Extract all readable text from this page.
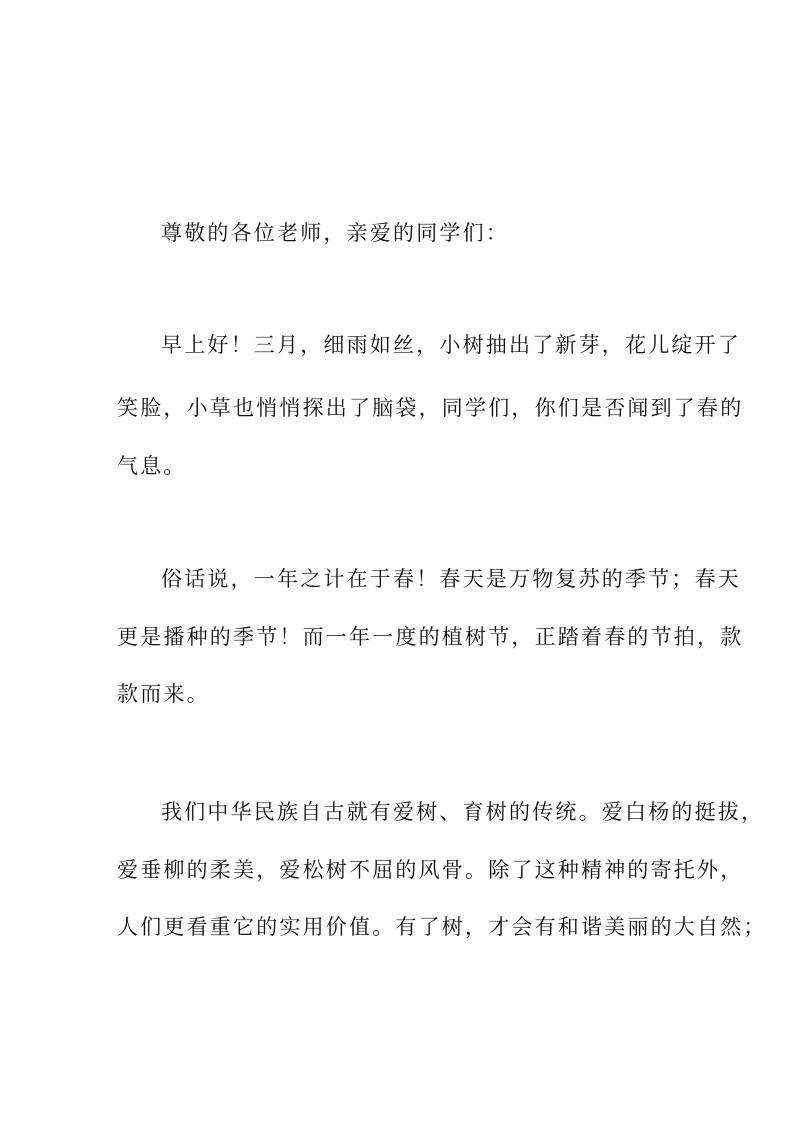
尊敬的各位老师，亲爱的同学们：
早上好！三月，细雨如丝，小树抽出了新芽，花儿绽开了
笑脸，小草也悄悄探出了脑袋，同学们，你们是否闻到了春的
气息。
俗话说，一年之计在于春！春天是万物复苏的季节；春天
更是播种的季节！而一年一度的植树节，正踏着春的节拍，款
款而来。
我们中华民族自古就有爱树、育树的传统。爱白杨的挺拔，
爱垂柳的柔美，爱松树不屈的风骨。除了这种精神的寄托外，
人们更看重它的实用价值。有了树，才会有和谐美丽的大自然；
